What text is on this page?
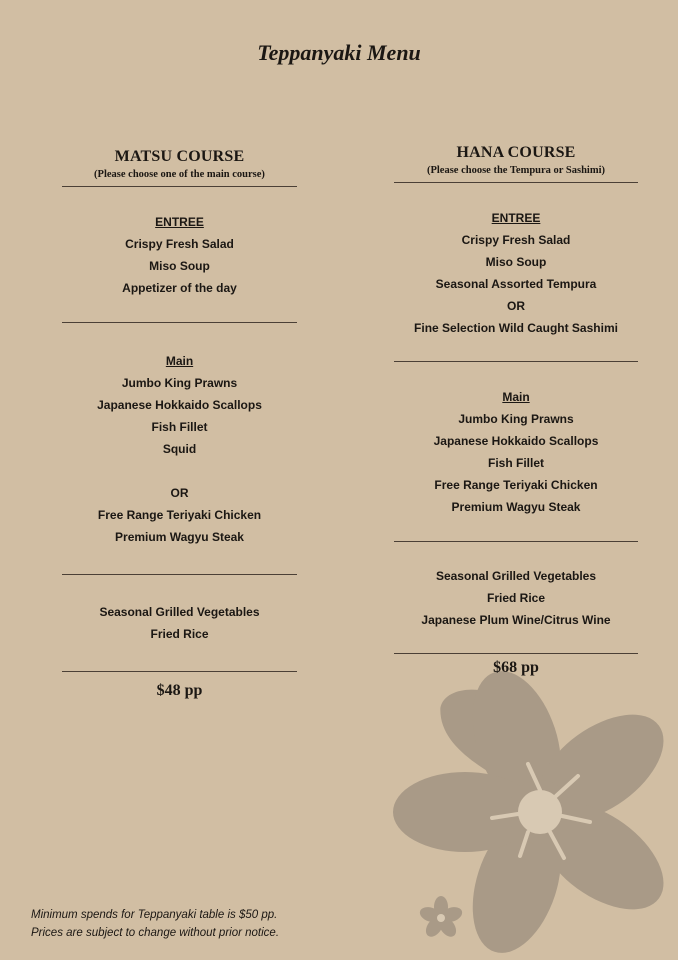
Teppanyaki Menu
MATSU COURSE
(Please choose one of the main course)
ENTREE
Crispy Fresh Salad
Miso Soup
Appetizer of the day
Main
Jumbo King Prawns
Japanese Hokkaido Scallops
Fish Fillet
Squid
OR
Free Range Teriyaki Chicken
Premium Wagyu Steak
Seasonal Grilled Vegetables
Fried Rice
$48 pp
HANA COURSE
(Please choose the Tempura or Sashimi)
ENTREE
Crispy Fresh Salad
Miso Soup
Seasonal Assorted Tempura
OR
Fine Selection Wild Caught Sashimi
Main
Jumbo King Prawns
Japanese Hokkaido Scallops
Fish Fillet
Free Range Teriyaki Chicken
Premium Wagyu Steak
Seasonal Grilled Vegetables
Fried Rice
Japanese Plum Wine/Citrus Wine
$68 pp
Minimum spends for Teppanyaki table is $50 pp.
Prices are subject to change without prior notice.
